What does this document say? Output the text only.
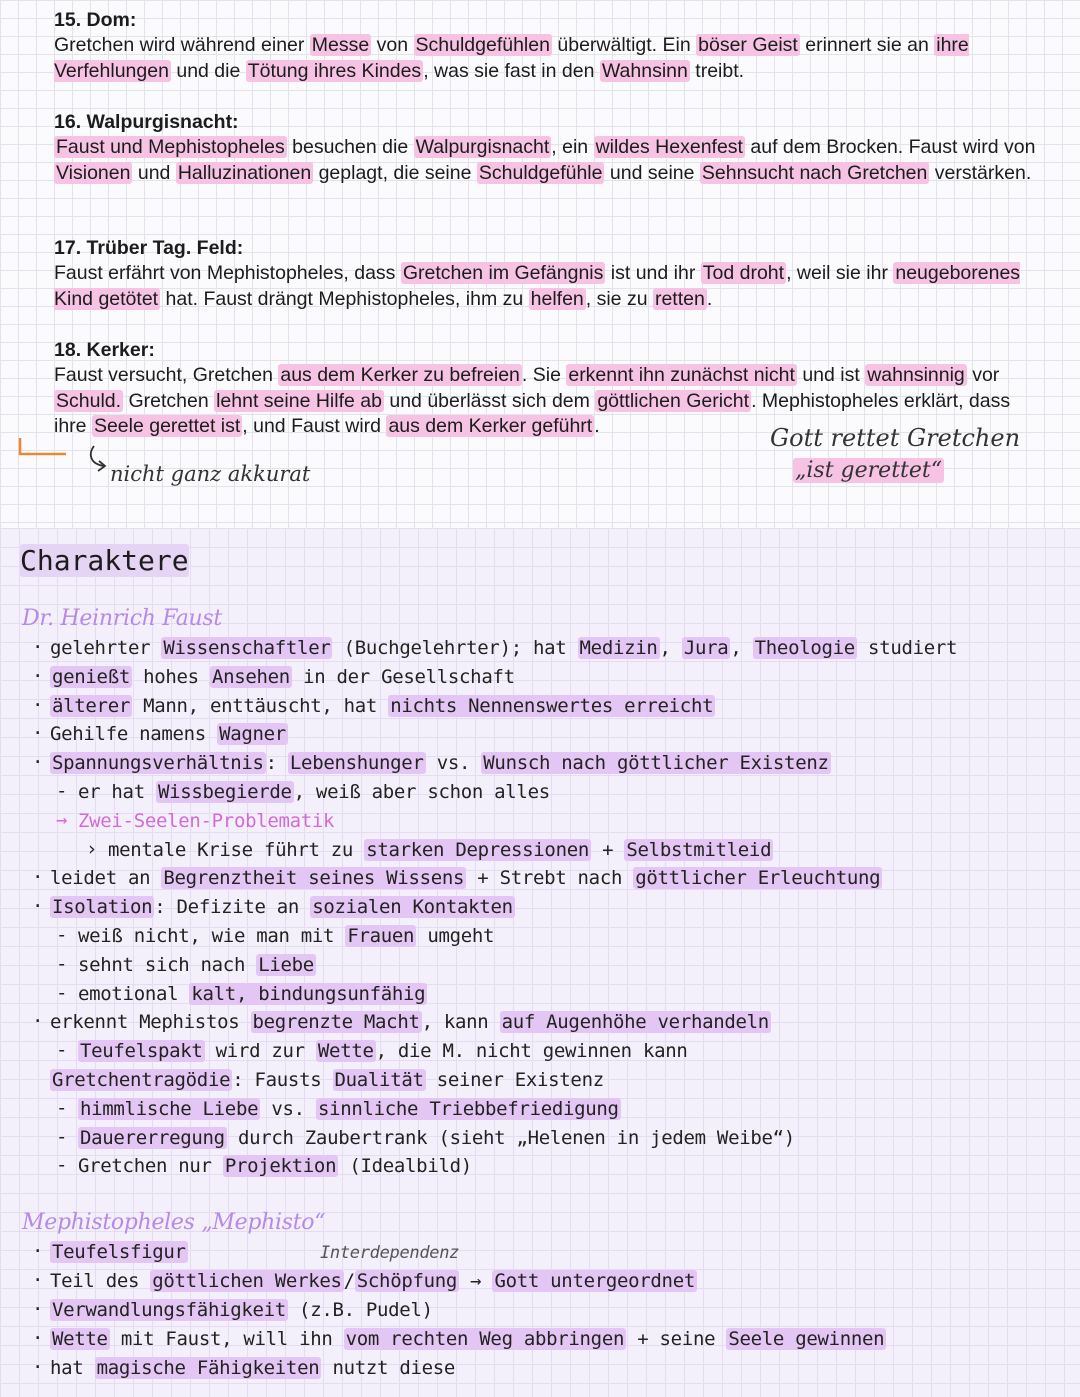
15. Dom:

Gretchen wird während einer Messe von Schuldgefühlen überwältigt. Ein böser Geist erinnert sie an ihre Verfehlungen und die Tötung ihres Kindes , was sie fast in den Wahnsinn treibt.

16. Walpurgisnacht:

Faust und Mephistopheles besuchen die Walpurgisnacht , ein wildes Hexenfest auf dem Brocken. Faust wird von Visionen und Halluzinationen geplagt, die seine Schuldgefühle und seine Sehnsucht nach Gretchen verstärken.

17. Trüber Tag. Feld:

Faust erfährt von Mephistopheles, dass Gretchen im Gefängnis ist und ihr Tod droht , weil sie ihr neugeborenes Kind getötet hat. Faust drängt Mephistopheles, ihm zu helfen , sie zu retten .

18. Kerker:

Faust versucht, Gretchen aus dem Kerker zu befreien . Sie erkennt ihn zunächst nicht und ist wahnsinnig vor Schuld. Gretchen lehnt seine Hilfe ab und überlässt sich dem göttlichen Gericht . Mephistopheles erklärt, dass ihre Seele gerettet ist , und Faust wird aus dem Kerker geführt .

nicht ganz akkurat
Gott rettet Gretchen
„ist gerettet“
Charaktere
Dr. Heinrich Faust
· gelehrter Wissenschaftler (Buchgelehrter); hat Medizin , Jura , Theologie studiert
· genießt hohes Ansehen in der Gesellschaft
· älterer Mann, enttäuscht, hat nichts Nennenswertes erreicht
· Gehilfe namens Wagner
· Spannungsverhältnis : Lebenshunger vs. Wunsch nach göttlicher Existenz
- er hat Wissbegierde , weiß aber schon alles
→ Zwei-Seelen-Problematik
› mentale Krise führt zu starken Depressionen + Selbstmitleid
· leidet an Begrenztheit seines Wissens + Strebt nach göttlicher Erleuchtung
· Isolation : Defizite an sozialen Kontakten
- weiß nicht, wie man mit Frauen umgeht
- sehnt sich nach Liebe
- emotional kalt, bindungsunfähig
· erkennt Mephistos begrenzte Macht , kann auf Augenhöhe verhandeln
- Teufelspakt wird zur Wette , die M. nicht gewinnen kann
Gretchentragödie : Fausts Dualität seiner Existenz
- himmlische Liebe vs. sinnliche Triebbefriedigung
- Dauererregung durch Zaubertrank (sieht „Helenen in jedem Weibe“)
- Gretchen nur Projektion (Idealbild)
Mephistopheles „Mephisto“
Interdependenz
· Teufelsfigur
· Teil des göttlichen Werkes / Schöpfung → Gott untergeordnet
· Verwandlungsfähigkeit (z.B. Pudel)
· Wette mit Faust, will ihn vom rechten Weg abbringen + seine Seele gewinnen
· hat magische Fähigkeiten nutzt diese
